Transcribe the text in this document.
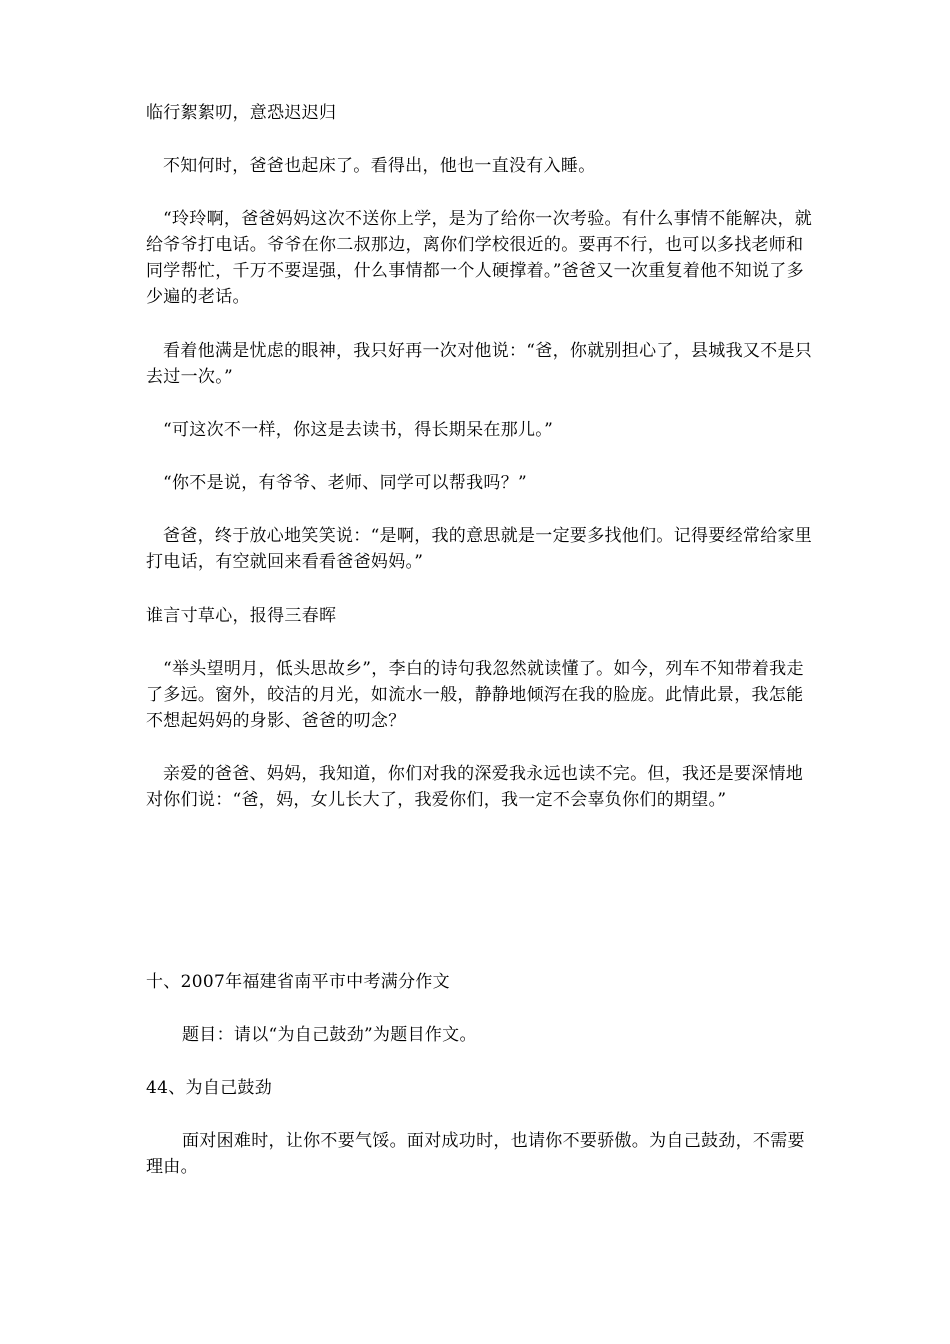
临行絮絮叨，意恐迟迟归
不知何时，爸爸也起床了。看得出，他也一直没有入睡。
“玲玲啊，爸爸妈妈这次不送你上学，是为了给你一次考验。有什么事情不能解决，就给爷爷打电话。爷爷在你二叔那边，离你们学校很近的。要再不行，也可以多找老师和同学帮忙，千万不要逞强，什么事情都一个人硬撑着。”爸爸又一次重复着他不知说了多少遍的老话。
看着他满是忧虑的眼神，我只好再一次对他说：“爸，你就别担心了，县城我又不是只去过一次。”
“可这次不一样，你这是去读书，得长期呆在那儿。”
“你不是说，有爷爷、老师、同学可以帮我吗？”
爸爸，终于放心地笑笑说：“是啊，我的意思就是一定要多找他们。记得要经常给家里打电话，有空就回来看看爸爸妈妈。”
谁言寸草心，报得三春晖
“举头望明月，低头思故乡”，李白的诗句我忽然就读懂了。如今，列车不知带着我走了多远。窗外，皎洁的月光，如流水一般，静静地倾泻在我的脸庞。此情此景，我怎能不想起妈妈的身影、爸爸的叨念？
亲爱的爸爸、妈妈，我知道，你们对我的深爱我永远也读不完。但，我还是要深情地对你们说：“爸，妈，女儿长大了，我爱你们，我一定不会辜负你们的期望。”
十、2007年福建省南平市中考满分作文
题目：请以“为自己鼓劲”为题目作文。
44、为自己鼓劲
面对困难时，让你不要气馁。面对成功时，也请你不要骄傲。为自己鼓劲，不需要理由。
